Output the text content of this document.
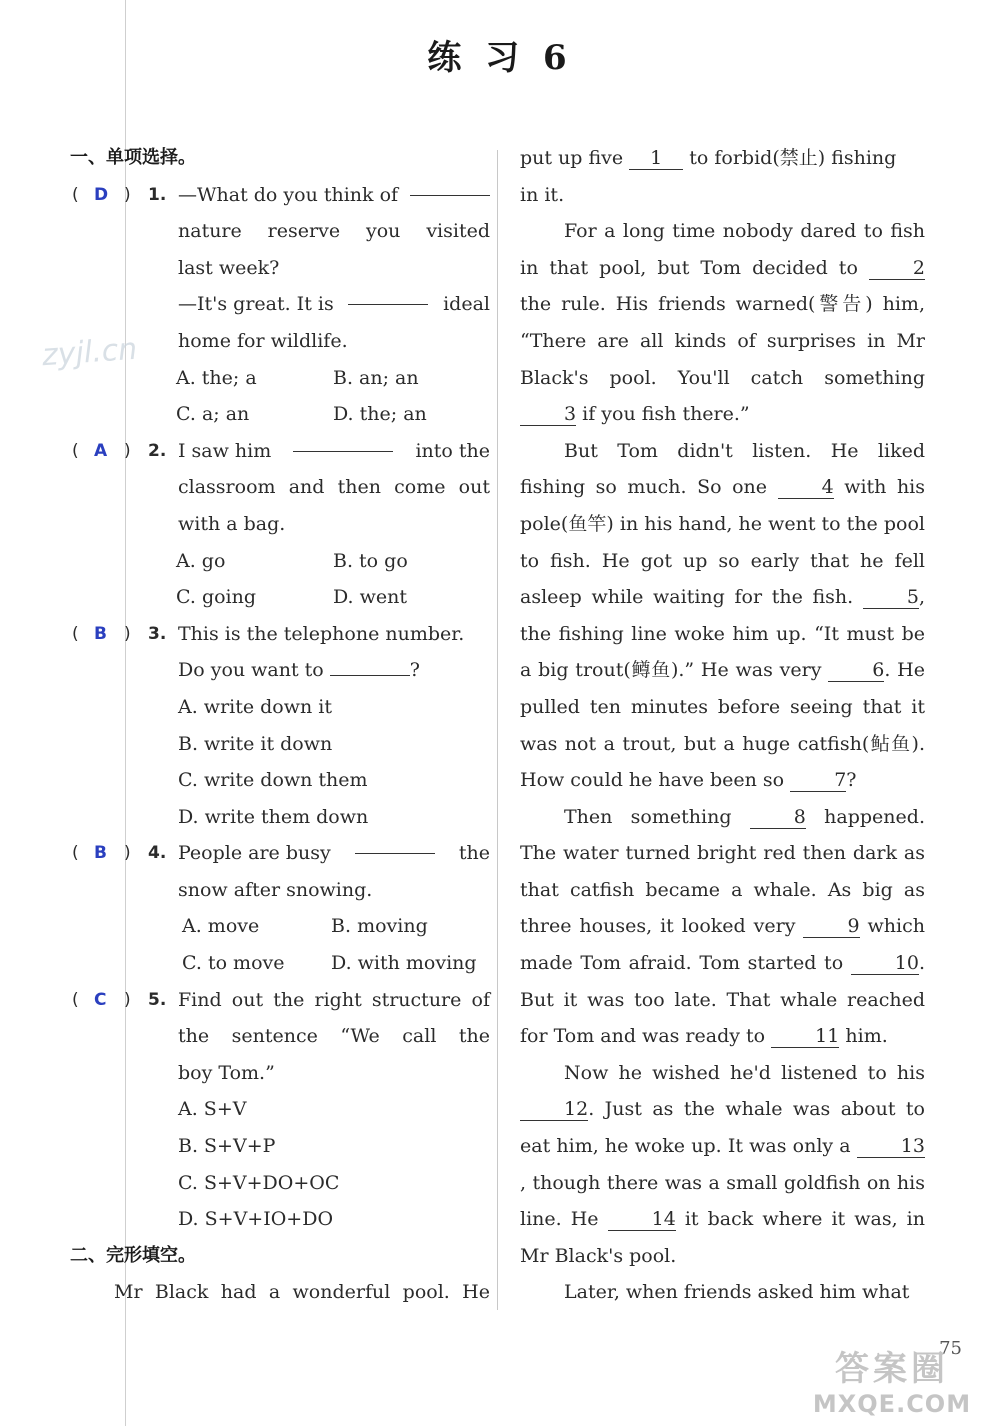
练 习 6
zyjl.cn
一、单项选择。
( D ) 1. —What do you think of
nature reserve you visited
last week?
—It's great. It is	ideal
home for wildlife.
A. the; a	B. an; an
C. a; an	D. the; an
( A ) 2. I saw him	into the
classroom and then come out
with a bag.
A. go	B. to go
C. going	D. went
( B ) 3. This is the telephone number.
Do you want to	?
A. write down it
B. write it down
C. write down them
D. write them down
( B ) 4. People are busy	the
snow after snowing.
A. move	B. moving
C. to move	D. with moving
( C ) 5. Find out the right structure of
the sentence “We call the
boy Tom.”
A. S+V
B. S+V+P
C. S+V+DO+OC
D. S+V+IO+DO
二、完形填空。
Mr Black had a wonderful pool. He
put up five 1 to forbid(禁止) fishing
in it.
For a long time nobody dared to fish in that pool, but Tom decided to	2 the rule. His friends warned(警告) him, “There are all kinds of surprises in Mr Black's pool. You'll catch something 3 if you fish there.”
But Tom didn't listen. He liked fishing so much. So one	4 with his pole(鱼竿) in his hand, he went to the pool to fish. He got up so early that he fell asleep while waiting for the fish.	5, the fishing line woke him up. “It must be a big trout(鳟鱼).” He was very	6. He pulled ten minutes before seeing that it was not a trout, but a huge catfish(鲇鱼). How could he have been so	7?
Then something	8 happened. The water turned bright red then dark as that catfish became a whale. As big as three houses, it looked very	9 which made Tom afraid. Tom started to	10. But it was too late. That whale reached for Tom and was ready to	11 him.
Now he wished he'd listened to his 12. Just as the whale was about to eat him, he woke up. It was only a	13, though there was a small goldfish on his line. He	14 it back where it was, in Mr Black's pool.
Later, when friends asked him what
75
答案圈
MXQE.COM
